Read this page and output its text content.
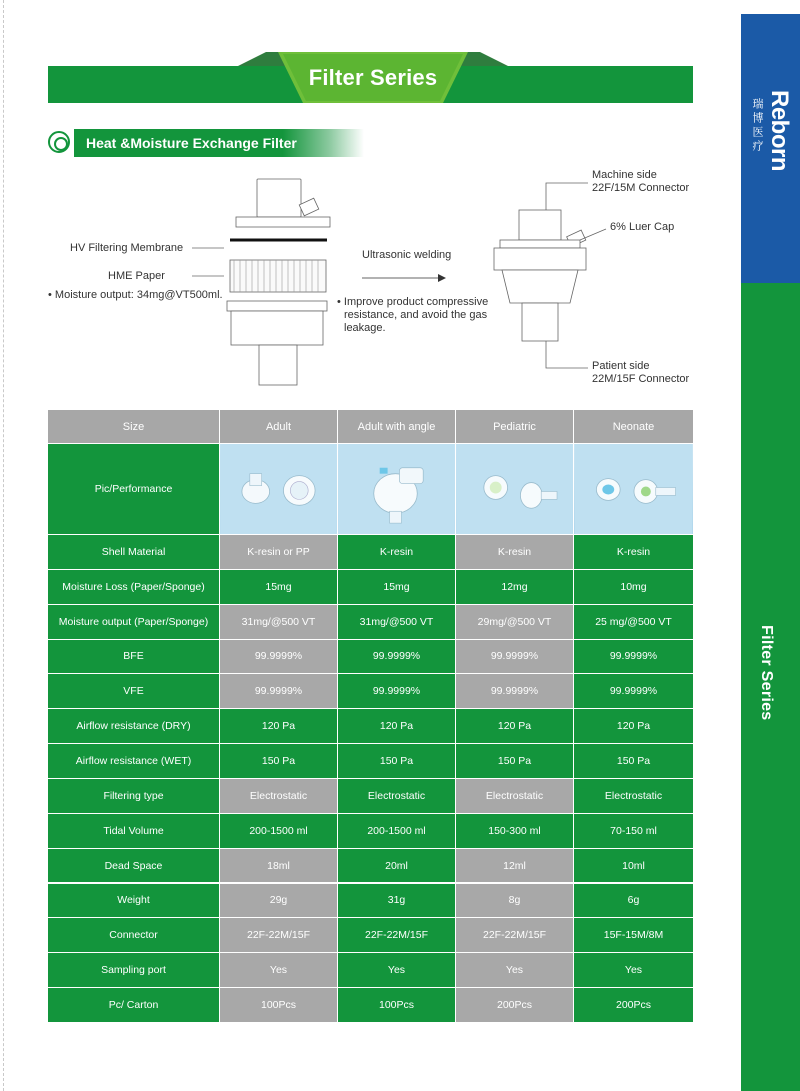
Filter Series
Heat &Moisture Exchange Filter	Reborn
瑞博医疗
Filter Series
HV Filtering Membrane
HME Paper
• Moisture output: 34mg@VT500ml.
Ultrasonic welding
• Improve product compressive
resistance, and avoid the gas
leakage.
Machine side
22F/15M Connector
6% Luer Cap
Patient side
22M/15F Connector
Size	Adult	Adult with angle	Pediatric	Neonate
Pic/Performance
Shell Material	K-resin or PP	K-resin	K-resin	K-resin
Moisture Loss (Paper/Sponge)	15mg	15mg	12mg	10mg
Moisture output (Paper/Sponge)	31mg/@500 VT	31mg/@500 VT	29mg/@500 VT	25 mg/@500 VT
BFE	99.9999%	99.9999%	99.9999%	99.9999%
VFE	99.9999%	99.9999%	99.9999%	99.9999%
Airflow resistance (DRY)	120 Pa	120 Pa	120 Pa	120 Pa
Airflow resistance (WET)	150 Pa	150 Pa	150 Pa	150 Pa
Filtering type	Electrostatic	Electrostatic	Electrostatic	Electrostatic
Tidal Volume	200-1500 ml	200-1500 ml	150-300 ml	70-150 ml
Dead Space	18ml	20ml	12ml	10ml
Weight	29g	31g	8g	6g
Connector	22F-22M/15F	22F-22M/15F	22F-22M/15F	15F-15M/8M
Sampling port	Yes	Yes	Yes	Yes
Pc/ Carton	100Pcs	100Pcs	200Pcs	200Pcs
